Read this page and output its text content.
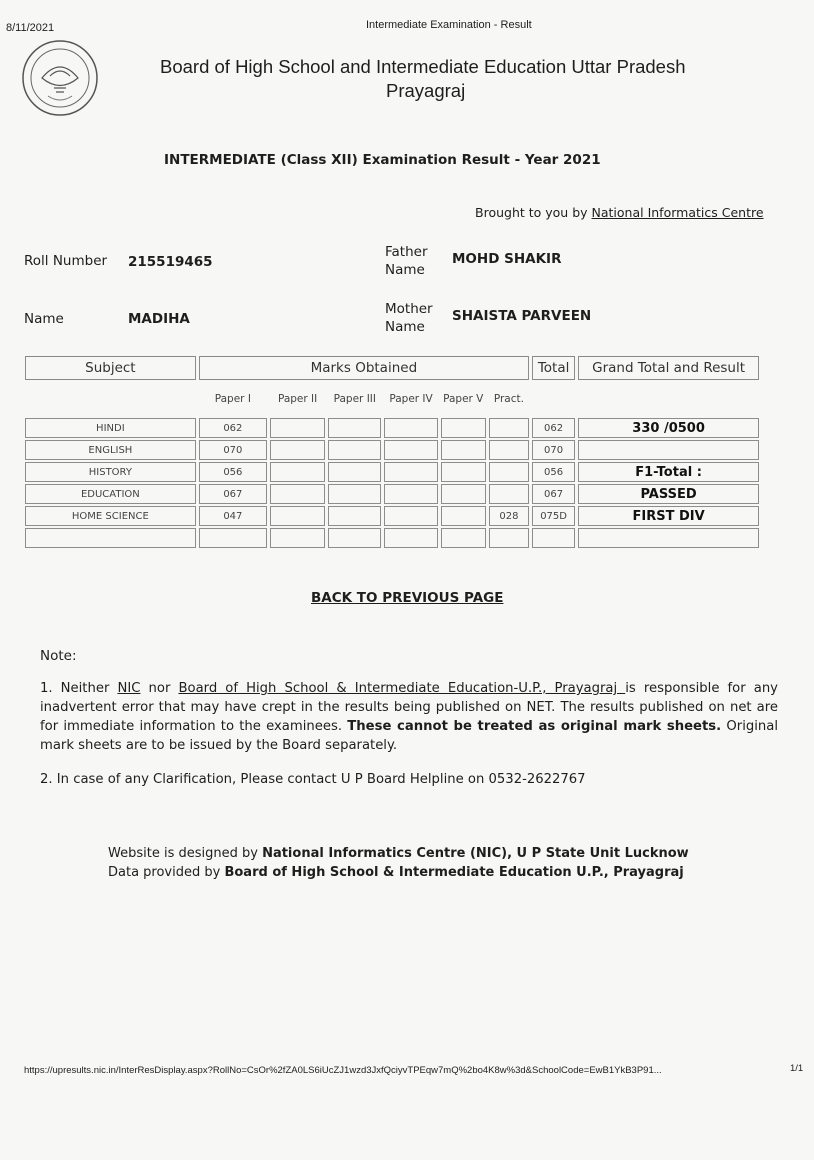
8/11/2021	Intermediate Examination - Result
Board of High School and Intermediate Education Uttar Pradesh
Prayagraj
INTERMEDIATE (Class XII) Examination Result - Year 2021
Brought to you by National Informatics Centre
Roll Number 215519465
Name	MADIHA
Father
Name
MOHD SHAKIR
Mother
Name
SHAISTA PARVEEN
Subject	Marks Obtained						Total	Grand Total and Result
	Paper I	Paper II	Paper III	Paper IV	Paper V	Pract.		
HINDI	062						062	330 /0500
ENGLISH	070						070	
HISTORY	056						056	F1-Total :
EDUCATION	067						067	PASSED
HOME SCIENCE	047					028	075D	FIRST DIV

BACK TO PREVIOUS PAGE
Note:
1. Neither NIC nor Board of High School & Intermediate Education-U.P., Prayagraj is responsible for any inadvertent error that may have crept in the results being published on NET. The results published on net are for immediate information to the examinees. These cannot be treated as original mark sheets. Original mark sheets are to be issued by the Board separately.
2. In case of any Clarification, Please contact U P Board Helpline on 0532-2622767
Website is designed by National Informatics Centre (NIC), U P State Unit Lucknow
Data provided by Board of High School & Intermediate Education U.P., Prayagraj
https://upresults.nic.in/InterResDisplay.aspx?RollNo=CsOr%2fZA0LS6iUcZJ1wzd3JxfQciyvTPEqw7mQ%2bo4K8w%3d&SchoolCode=EwB1YkB3P91...	1/1
